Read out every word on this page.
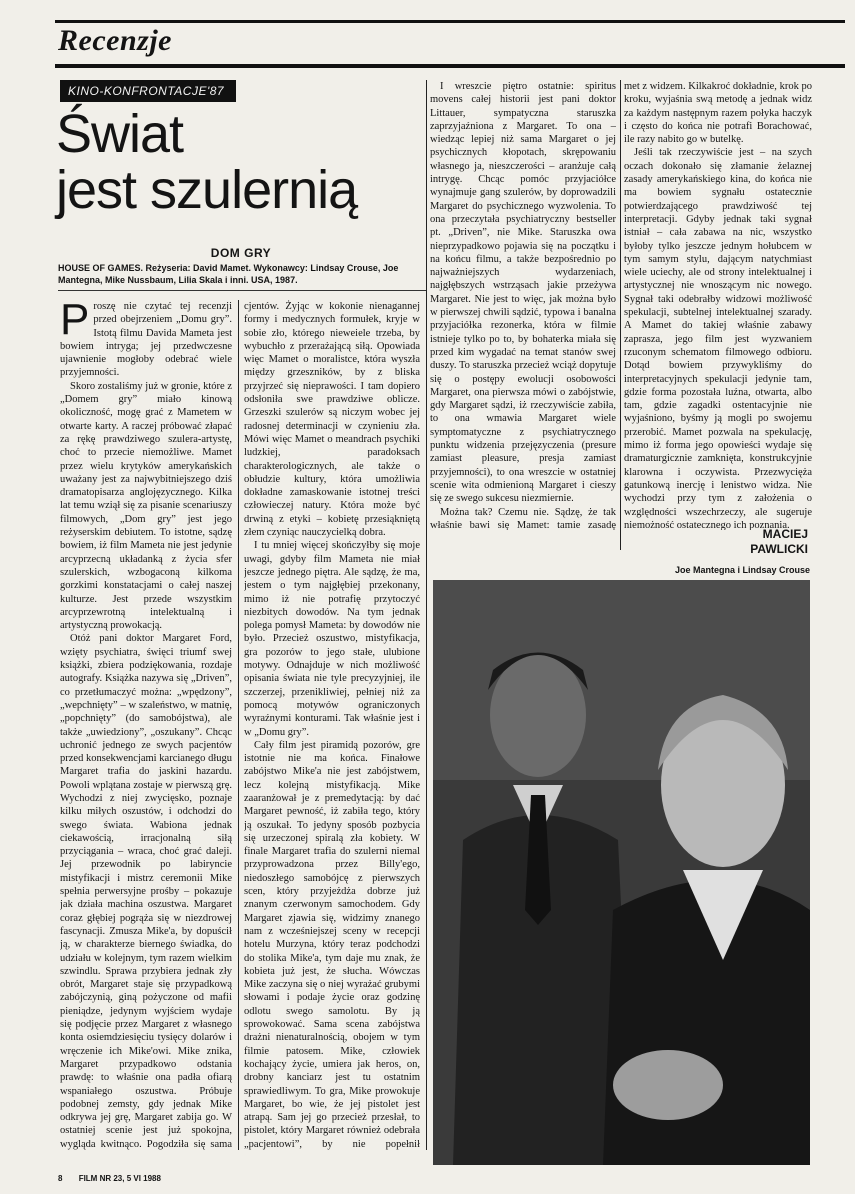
Recenzje
KINO-KONFRONTACJE'87
Świat
jest szulernią
DOM GRY
HOUSE OF GAMES. Reżyseria: David Mamet. Wykonawcy: Lindsay Crouse, Joe Mantegna, Mike Nussbaum, Lilia Skala i inni. USA, 1987.

Proszę nie czytać tej recenzji przed obejrzeniem „Domu gry”. Istotą filmu Davida Mameta jest bowiem intryga; jej przedwczesne ujawnienie mogłoby odebrać wiele przyjemności.

Skoro zostaliśmy już w gronie, które z „Domem gry” miało kinową okoliczność, mogę grać z Mametem w otwarte karty. A raczej próbować złapać za rękę prawdziwego szulera-artystę, choć to przecie niemożliwe. Mamet przez wielu krytyków amerykańskich uważany jest za najwybitniejszego dziś dramatopisarza anglojęzycznego. Kilka lat temu wziął się za pisanie scenariuszy filmowych, „Dom gry” jest jego reżyserskim debiutem. To istotne, sądzę bowiem, iż film Mameta nie jest jedynie arcyprzecną układanką z życia sfer szulerskich, wzbogaconą kilkoma gorzkimi konstatacjami o całej naszej kulturze. Jest przede wszystkim arcyprzewrotną intelektualną i artystyczną prowokacją.

Otóż pani doktor Margaret Ford, wzięty psychiatra, święci triumf swej książki, zbiera podziękowania, rozdaje autografy. Książka nazywa się „Driven”, co przetłumaczyć można: „wpędzony”, „wepchnięty” – w szaleństwo, w matnię, „popchnięty” (do samobójstwa), ale także „uwiedziony”, „oszukany”. Chcąc uchronić jednego ze swych pacjentów przed konsekwencjami karcianego długu Margaret trafia do jaskini hazardu. Powoli wplątana zostaje w pierwszą grę. Wychodzi z niej zwycięsko, poznaje kilku miłych oszustów, i odchodzi do swego świata. Wabiona jednak ciekawością, irracjonalną siłą przyciągania – wraca, choć grać daleji. Jej przewodnik po labiryncie mistyfikacji i mistrz ceremonii Mike spełnia perwersyjne prośby – pokazuje jak działa machina oszustwa. Margaret coraz głębiej pogrąża się w niezdrowej fascynacji. Zmusza Mike'a, by dopuścił ją, w charakterze biernego świadka, do udziału w kolejnym, tym razem wielkim szwindlu. Sprawa przybiera jednak zły obrót, Margaret staje się przypadkową zabójczynią, giną pożyczone od mafii pieniądze, jedynym wyjściem wydaje się podjęcie przez Margaret z własnego konta osiemdziesięciu tysięcy dolarów i wręczenie ich Mike'owi. Mike znika, Margaret przypadkowo odstania prawdę: to właśnie ona padła ofiarą wspaniałego oszustwa. Próbuje podobnej zemsty, gdy jednak Mike odkrywa jej grę, Margaret zabija go. W ostatniej scenie jest już spokojna, wygląda kwitnąco. Pogodziła się sama

cjentów. Żyjąc w kokonie nienagannej formy i medycznych formułek, kryje w sobie zło, którego nieweiele trzeba, by wybuchło z przerażającą siłą. Opowiada więc Mamet o moralistce, która wyszła między grzeszników, by z bliska przyjrzeć się nieprawości. I tam dopiero odsłoniła swe prawdziwe oblicze. Grzeszki szulerów są niczym wobec jej radosnej determinacji w czynieniu zła. Mówi więc Mamet o meandrach psychiki ludzkiej, paradoksach charakterologicznych, ale także o obłudzie kultury, która umożliwia dokładne zamaskowanie istotnej treści człowieczej natury. Która może być drwiną z etyki – kobietę przesiąkniętą złem czyniąc nauczycielką dobra.

I tu mniej więcej skończyłby się moje uwagi, gdyby film Mameta nie miał jeszcze jednego piętra. Ale sądzę, że ma, jestem o tym najgłębiej przekonany, mimo iż nie potrafię przytoczyć niezbitych dowodów. Na tym jednak polega pomysł Mameta: by dowodów nie było. Przecież oszustwo, mistyfikacja, gra pozorów to jego stałe, ulubione motywy. Odnajduje w nich możliwość opisania świata nie tyle precyzyjniej, ile szczerzej, przenikliwiej, pełniej niż za pomocą motywów ograniczonych wyraźnymi konturami. Tak właśnie jest i w „Domu gry”.

Cały film jest piramidą pozorów, gre istotnie nie ma końca. Finałowe zabójstwo Mike'a nie jest zabójstwem, lecz kolejną mistyfikacją. Mike zaaranżował je z premedytacją: by dać Margaret pewność, iż zabiła tego, który ją oszukał. To jedyny sposób pozbycia się urzeczonej spiralą zła kobiety. W finale Margaret trafia do szulerni niemal przyprowadzona przez Billy'ego, niedoszłego samobójcę z pierwszych scen, który przyjeżdża dobrze już znanym czerwonym samochodem. Gdy Margaret zjawia się, widzimy znanego nam z wcześniejszej sceny w recepcji hotelu Murzyna, który teraz podchodzi do stolika Mike'a, tym daje mu znak, że kobieta już jest, że słucha. Wówczas Mike zaczyna się o niej wyrażać grubymi słowami i podaje życie oraz godzinę odlotu swego samolotu. By ją sprowokować. Sama scena zabójstwa drażni nienaturalnością, obojem w tym filmie patosem. Mike, człowiek kochający życie, umiera jak heros, on, drobny kanciarz jest tu ostatnim sprawiedliwym. To gra, Mike prowokuje Margaret, bo wie, że jej pistolet jest atrapą. Sam jej go przecież przesłał, to pistolet, który Margaret również odebrała „pacjentowi”, by nie popełnił

I wreszcie piętro ostatnie: spiritus movens całej historii jest pani doktor Littauer, sympatyczna staruszka zaprzyjaźniona z Margaret. To ona – wiedząc lepiej niż sama Margaret o jej psychicznych kłopotach, skrępowaniu własnego ja, nieszczerości – aranżuje całą intrygę. Chcąc pomóc przyjaciółce wynajmuje gang szulerów, by doprowadzili Margaret do psychicznego wyzwolenia. To ona przeczytała psychiatryczny bestseller pt. „Driven”, nie Mike. Staruszka owa nieprzypadkowo pojawia się na początku i na końcu filmu, a także bezpośrednio po najważniejszych wydarzeniach, najgłębszych wstrząsach jakie przeżywa Margaret. Nie jest to więc, jak można było w pierwszej chwili sądzić, typowa i banalna przyjaciółka rezonerka, która w filmie istnieje tylko po to, by bohaterka miała się przed kim wygadać na temat stanów swej duszy. To staruszka przecież wciąż dopytuje się o postępy ewolucji osobowości Margaret, ona pierwsza mówi o zabójstwie, gdy Margaret sądzi, iż rzeczywiście zabiła, to ona wmawia Margaret wiele symptomatyczne z psychiatrycznego punktu widzenia przejęzyczenia (presure zamiast pleasure, presja zamiast przyjemności), to ona wreszcie w ostatniej scenie wita odmienioną Margaret i cieszy się ze swego sukcesu niezmiernie.

Można tak? Czemu nie. Sądzę, że tak właśnie bawi się Mamet: tamie zasadę

met z widzem. Kilkakroć dokładnie, krok po kroku, wyjaśnia swą metodę a jednak widz za każdym następnym razem połyka haczyk i często do końca nie potrafi Borachować, ile razy nabito go w butelkę.

Jeśli tak rzeczywiście jest – na szych oczach dokonało się złamanie żelaznej zasady amerykańskiego kina, do końca nie ma bowiem sygnału ostatecznie potwierdzającego prawdziwość tej interpretacji. Gdyby jednak taki sygnał istniał – cała zabawa na nic, wszystko byłoby tylko jeszcze jednym hołubcem w tym samym stylu, dającym natychmiast wiele uciechy, ale od strony intelektualnej i artystycznej nie wnoszącym nic nowego. Sygnał taki odebrałby widzowi możliwość spekulacji, subtelnej intelektualnej szarady. A Mamet do takiej właśnie zabawy zaprasza, jego film jest wyzwaniem rzuconym schematom filmowego odbioru. Dotąd bowiem przywykliśmy do interpretacyjnych spekulacji jedynie tam, gdzie forma pozostała luźna, otwarta, albo tam, gdzie zagadki ostentacyjnie nie wyjaśniono, byśmy ją mogli po swojemu przerobić. Mamet pozwala na spekulację, mimo iż forma jego opowieści wydaje się dramaturgicznie zamknięta, konstrukcyjnie klarowna i oczywista. Przezwycięża gatunkową inercję i lenistwo widza. Nie wychodzi przy tym z założenia o względności wszechrzeczy, ale sugeruje niemożność ostatecznego ich poznania.

MACIEJ
PAWLICKI
Joe Mantegna i Lindsay Crouse
8 FILM NR 23, 5 VI 1988
